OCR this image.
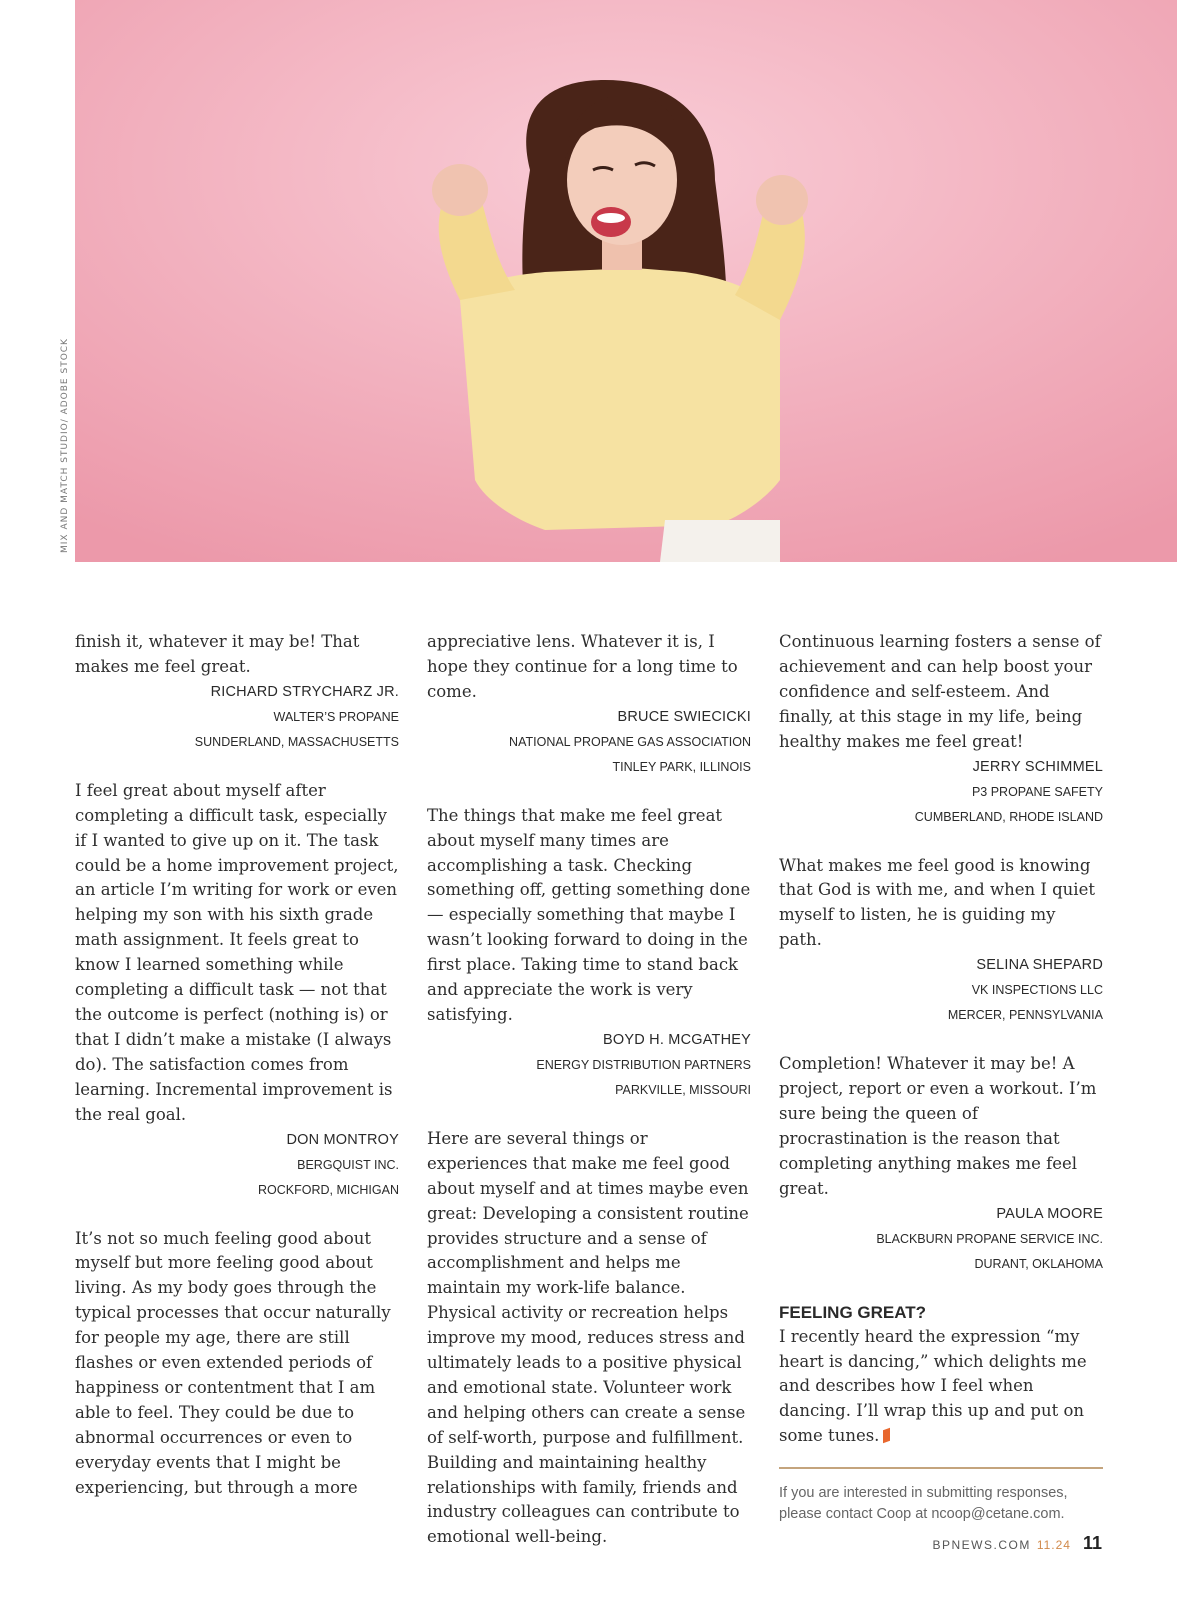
MIX AND MATCH STUDIO/ ADOBE STOCK

finish it, whatever it may be! That makes me feel great.

RICHARD STRYCHARZ JR.
WALTER’S PROPANE
SUNDERLAND, MASSACHUSETTS

I feel great about myself after completing a difficult task, especially if I wanted to give up on it. The task could be a home improvement project, an article I’m writing for work or even helping my son with his sixth grade math assignment. It feels great to know I learned something while completing a difficult task — not that the outcome is perfect (nothing is) or that I didn’t make a mistake (I always do). The satisfaction comes from learning. Incremental improvement is the real goal.

DON MONTROY
BERGQUIST INC.
ROCKFORD, MICHIGAN

It’s not so much feeling good about myself but more feeling good about living. As my body goes through the typical processes that occur naturally for people my age, there are still flashes or even extended periods of happiness or contentment that I am able to feel. They could be due to abnormal occurrences or even to everyday events that I might be experiencing, but through a more

appreciative lens. Whatever it is, I hope they continue for a long time to come.

BRUCE SWIECICKI
NATIONAL PROPANE GAS ASSOCIATION
TINLEY PARK, ILLINOIS

The things that make me feel great about myself many times are accomplishing a task. Checking something off, getting something done — especially something that maybe I wasn’t looking forward to doing in the first place. Taking time to stand back and appreciate the work is very satisfying.

BOYD H. MCGATHEY
ENERGY DISTRIBUTION PARTNERS
PARKVILLE, MISSOURI

Here are several things or experiences that make me feel good about myself and at times maybe even great: Developing a consistent routine provides structure and a sense of accomplishment and helps me maintain my work-life balance. Physical activity or recreation helps improve my mood, reduces stress and ultimately leads to a positive physical and emotional state. Volunteer work and helping others can create a sense of self-worth, purpose and fulfillment. Building and maintaining healthy relationships with family, friends and industry colleagues can contribute to emotional well-being.

Continuous learning fosters a sense of achievement and can help boost your confidence and self-esteem. And finally, at this stage in my life, being healthy makes me feel great!

JERRY SCHIMMEL
P3 PROPANE SAFETY
CUMBERLAND, RHODE ISLAND

What makes me feel good is knowing that God is with me, and when I quiet myself to listen, he is guiding my path.

SELINA SHEPARD
VK INSPECTIONS LLC
MERCER, PENNSYLVANIA

Completion! Whatever it may be! A project, report or even a workout. I’m sure being the queen of procrastination is the reason that completing anything makes me feel great.

PAULA MOORE
BLACKBURN PROPANE SERVICE INC.
DURANT, OKLAHOMA
FEELING GREAT?

I recently heard the expression “my heart is dancing,” which delights me and describes how I feel when dancing. I’ll wrap this up and put on some tunes.

If you are interested in submitting responses, please contact Coop at ncoop@cetane.com.
BPNEWS.COM 11.24 11
